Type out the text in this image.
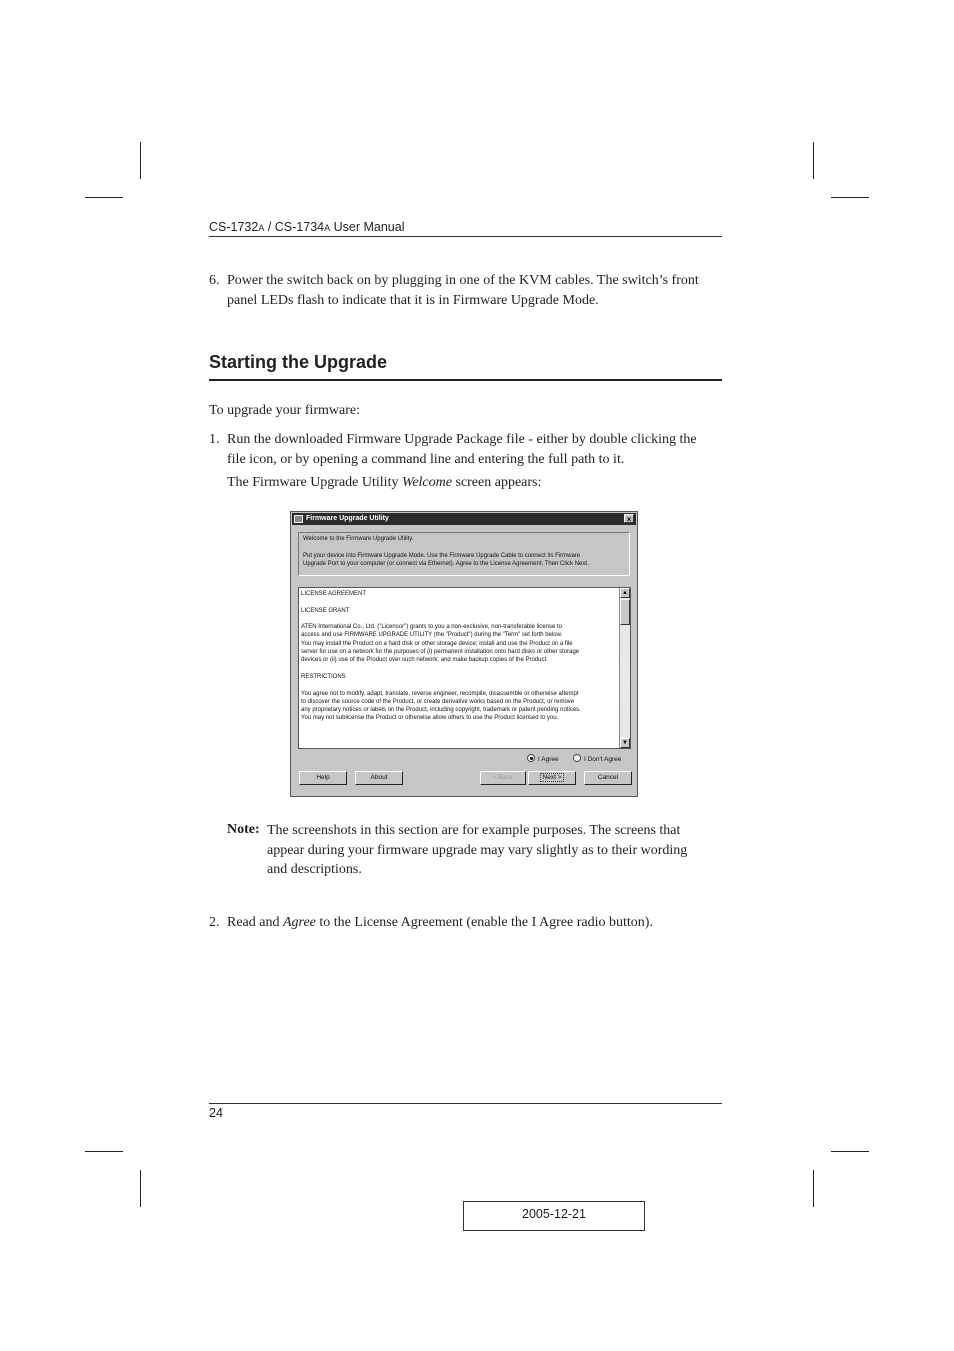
CS-1732A / CS-1734A User Manual
6. Power the switch back on by plugging in one of the KVM cables. The switch’s front
panel LEDs flash to indicate that it is in Firmware Upgrade Mode.
Starting the Upgrade
To upgrade your firmware:
1. Run the downloaded Firmware Upgrade Package file - either by double clicking the
file icon, or by opening a command line and entering the full path to it.
The Firmware Upgrade Utility Welcome screen appears:
Firmware Upgrade Utility	×
Welcome to the Firmware Upgrade Utility.
Put your device into Firmware Upgrade Mode. Use the Firmware Upgrade Cable to connect its Firmware
Upgrade Port to your computer (or connect via Ethernet). Agree to the License Agreement; Then Click Next.
LICENSE AGREEMENT
LICENSE GRANT
ATEN International Co., Ltd. ("Licensor") grants to you a non-exclusive, non-transferable license to
access and use FIRMWARE UPGRADE UTILITY (the "Product") during the "Term" set forth below.
You may install the Product on a hard disk or other storage device; install and use the Product on a file
server for use on a network for the purposes of (i) permanent installation onto hard disks or other storage
devices or (ii) use of the Product over such network; and make backup copies of the Product.
RESTRICTIONS
You agree not to modify, adapt, translate, reverse engineer, recompile, disassemble or otherwise attempt
to discover the source code of the Product, or create derivative works based on the Product, or remove
any proprietary notices or labels on the Product, including copyright, trademark or patent pending notices.
You may not sublicense the Product or otherwise allow others to use the Product licensed to you.
▲
▼
I Agree	I Don't Agree
Help	About	< Back	Next >	Cancel
Note: The screenshots in this section are for example purposes. The screens that
appear during your firmware upgrade may vary slightly as to their wording
and descriptions.
2. Read and Agree to the License Agreement (enable the I Agree radio button).
24
2005-12-21
